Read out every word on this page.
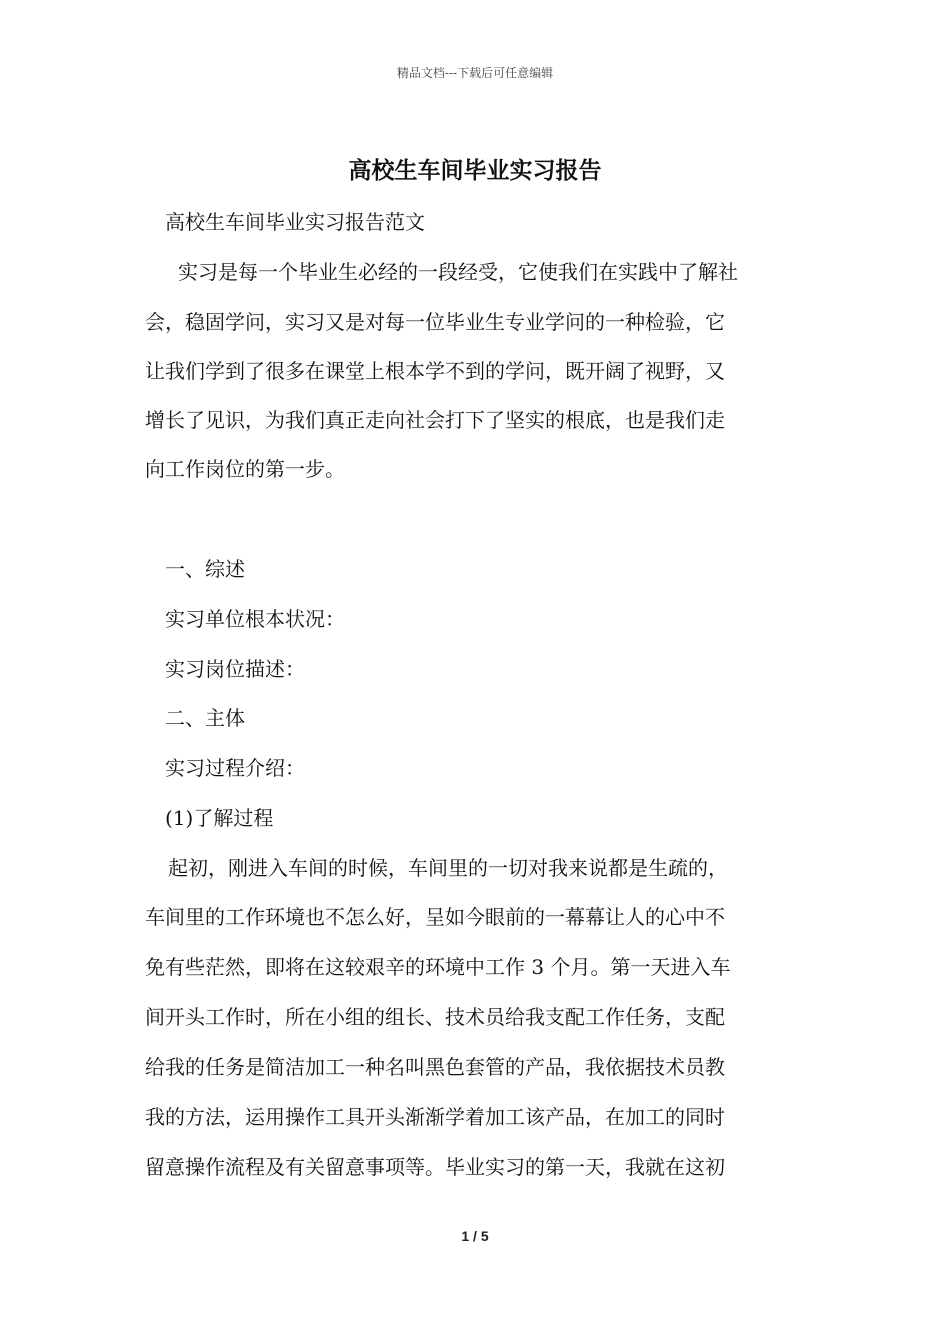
精品文档---下载后可任意编辑
高校生车间毕业实习报告
高校生车间毕业实习报告范文
实习是每一个毕业生必经的一段经受，它使我们在实践中了解社
会，稳固学问，实习又是对每一位毕业生专业学问的一种检验，它
让我们学到了很多在课堂上根本学不到的学问，既开阔了视野，又
增长了见识，为我们真正走向社会打下了坚实的根底，也是我们走
向工作岗位的第一步。
一、综述
实习单位根本状况：
实习岗位描述：
二、主体
实习过程介绍：
(1)了解过程
起初，刚进入车间的时候，车间里的一切对我来说都是生疏的，
车间里的工作环境也不怎么好，呈如今眼前的一幕幕让人的心中不
免有些茫然，即将在这较艰辛的环境中工作 3 个月。第一天进入车
间开头工作时，所在小组的组长、技术员给我支配工作任务，支配
给我的任务是简洁加工一种名叫黑色套管的产品，我依据技术员教
我的方法，运用操作工具开头渐渐学着加工该产品，在加工的同时
留意操作流程及有关留意事项等。毕业实习的第一天，我就在这初
1 / 5
